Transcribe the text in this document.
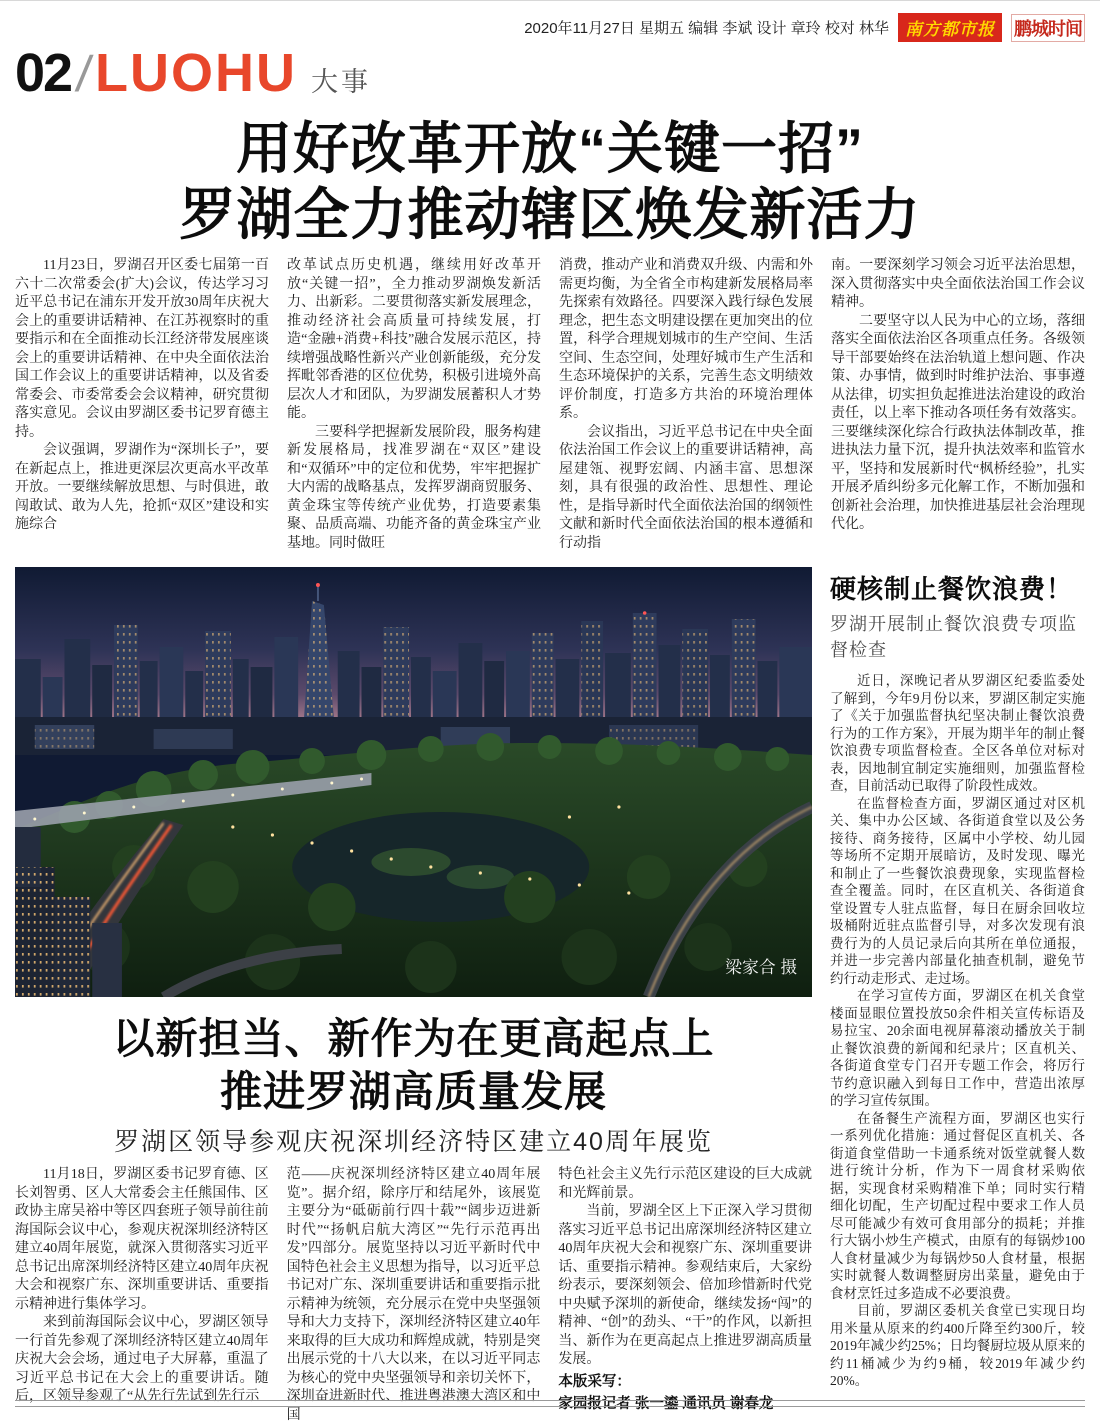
2020年11月27日 星期五 编辑 李斌 设计 章玲 校对 林华 南方都市报	鹏城时间
02 / LUOHU 大事
用好改革开放“关键一招”
罗湖全力推动辖区焕发新活力

11月23日，罗湖召开区委七届第一百六十二次常委会(扩大)会议，传达学习习近平总书记在浦东开发开放30周年庆祝大会上的重要讲话精神、在江苏视察时的重要指示和在全面推动长江经济带发展座谈会上的重要讲话精神、在中央全面依法治国工作会议上的重要讲话精神，以及省委常委会、市委常委会会议精神，研究贯彻落实意见。会议由罗湖区委书记罗育德主持。

会议强调，罗湖作为“深圳长子”，要在新起点上，推进更深层次更高水平改革开放。一要继续解放思想、与时俱进，敢闯敢试、敢为人先，抢抓“双区”建设和实施综合

改革试点历史机遇，继续用好改革开放“关键一招”，全力推动罗湖焕发新活力、出新彩。二要贯彻落实新发展理念，推动经济社会高质量可持续发展，打造“金融+消费+科技”融合发展示范区，持续增强战略性新兴产业创新能级，充分发挥毗邻香港的区位优势，积极引进境外高层次人才和团队，为罗湖发展蓄积人才势能。

三要科学把握新发展阶段，服务构建新发展格局，找准罗湖在“双区”建设和“双循环”中的定位和优势，牢牢把握扩大内需的战略基点，发挥罗湖商贸服务、黄金珠宝等传统产业优势，打造要素集聚、品质高端、功能齐备的黄金珠宝产业基地。同时做旺

消费，推动产业和消费双升级、内需和外需更均衡，为全省全市构建新发展格局率先探索有效路径。四要深入践行绿色发展理念，把生态文明建设摆在更加突出的位置，科学合理规划城市的生产空间、生活空间、生态空间，处理好城市生产生活和生态环境保护的关系，完善生态文明绩效评价制度，打造多方共治的环境治理体系。

会议指出，习近平总书记在中央全面依法治国工作会议上的重要讲话精神，高屋建瓴、视野宏阔、内涵丰富、思想深刻，具有很强的政治性、思想性、理论性，是指导新时代全面依法治国的纲领性文献和新时代全面依法治国的根本遵循和行动指

南。一要深刻学习领会习近平法治思想，深入贯彻落实中央全面依法治国工作会议精神。

二要坚守以人民为中心的立场，落细落实全面依法治区各项重点任务。各级领导干部要始终在法治轨道上想问题、作决策、办事情，做到时时维护法治、事事遵从法律，切实担负起推进法治建设的政治责任，以上率下推动各项任务有效落实。三要继续深化综合行政执法体制改革，推进执法力量下沉，提升执法效率和监管水平，坚持和发展新时代“枫桥经验”，扎实开展矛盾纠纷多元化解工作，不断加强和创新社会治理，加快推进基层社会治理现代化。

梁家合 摄
以新担当、新作为在更高起点上
推进罗湖高质量发展
罗湖区领导参观庆祝深圳经济特区建立40周年展览

11月18日，罗湖区委书记罗育德、区长刘智勇、区人大常委会主任熊国伟、区政协主席吴裕中等区四套班子领导前往前海国际会议中心，参观庆祝深圳经济特区建立40周年展览，就深入贯彻落实习近平总书记出席深圳经济特区建立40周年庆祝大会和视察广东、深圳重要讲话、重要指示精神进行集体学习。

来到前海国际会议中心，罗湖区领导一行首先参观了深圳经济特区建立40周年庆祝大会会场，通过电子大屏幕，重温了习近平总书记在大会上的重要讲话。随后，区领导参观了“从先行先试到先行示

范——庆祝深圳经济特区建立40周年展览”。据介绍，除序厅和结尾外，该展览主要分为“砥砺前行四十载”“阔步迈进新时代”“扬帆启航大湾区”“先行示范再出发”四部分。展览坚持以习近平新时代中国特色社会主义思想为指导，以习近平总书记对广东、深圳重要讲话和重要指示批示精神为统领，充分展示在党中央坚强领导和大力支持下，深圳经济特区建立40年来取得的巨大成功和辉煌成就，特别是突出展示党的十八大以来，在以习近平同志为核心的党中央坚强领导和亲切关怀下，深圳奋进新时代、推进粤港澳大湾区和中国

特色社会主义先行示范区建设的巨大成就和光辉前景。

当前，罗湖全区上下正深入学习贯彻落实习近平总书记出席深圳经济特区建立40周年庆祝大会和视察广东、深圳重要讲话、重要指示精神。参观结束后，大家纷纷表示，要深刻领会、倍加珍惜新时代党中央赋予深圳的新使命，继续发扬“闯”的精神、“创”的劲头、“干”的作风，以新担当、新作为在更高起点上推进罗湖高质量发展。

本版采写：

家园报记者 张一鎏 通讯员 谢春龙

硬核制止餐饮浪费！
罗湖开展制止餐饮浪费专项监督检查

近日，深晚记者从罗湖区纪委监委处了解到，今年9月份以来，罗湖区制定实施了《关于加强监督执纪坚决制止餐饮浪费行为的工作方案》，开展为期半年的制止餐饮浪费专项监督检查。全区各单位对标对表，因地制宜制定实施细则，加强监督检查，目前活动已取得了阶段性成效。

在监督检查方面，罗湖区通过对区机关、集中办公区域、各街道食堂以及公务接待、商务接待，区属中小学校、幼儿园等场所不定期开展暗访，及时发现、曝光和制止了一些餐饮浪费现象，实现监督检查全覆盖。同时，在区直机关、各街道食堂设置专人驻点监督，每日在厨余回收垃圾桶附近驻点监督引导，对多次发现有浪费行为的人员记录后向其所在单位通报，并进一步完善内部量化抽查机制，避免节约行动走形式、走过场。

在学习宣传方面，罗湖区在机关食堂楼面显眼位置投放50余件相关宣传标语及易拉宝、20余面电视屏幕滚动播放关于制止餐饮浪费的新闻和纪录片；区直机关、各街道食堂专门召开专题工作会，将厉行节约意识融入到每日工作中，营造出浓厚的学习宣传氛围。

在备餐生产流程方面，罗湖区也实行一系列优化措施：通过督促区直机关、各街道食堂借助一卡通系统对饭堂就餐人数进行统计分析，作为下一周食材采购依据，实现食材采购精准下单；同时实行精细化切配，生产切配过程中要求工作人员尽可能减少有效可食用部分的损耗；并推行大锅小炒生产模式，由原有的每锅炒100人食材量减少为每锅炒50人食材量，根据实时就餐人数调整厨房出菜量，避免由于食材烹饪过多造成不必要浪费。

目前，罗湖区委机关食堂已实现日均用米量从原来的约400斤降至约300斤，较2019年减少约25%；日均餐厨垃圾从原来的约11桶减少为约9桶，较2019年减少约20%。
